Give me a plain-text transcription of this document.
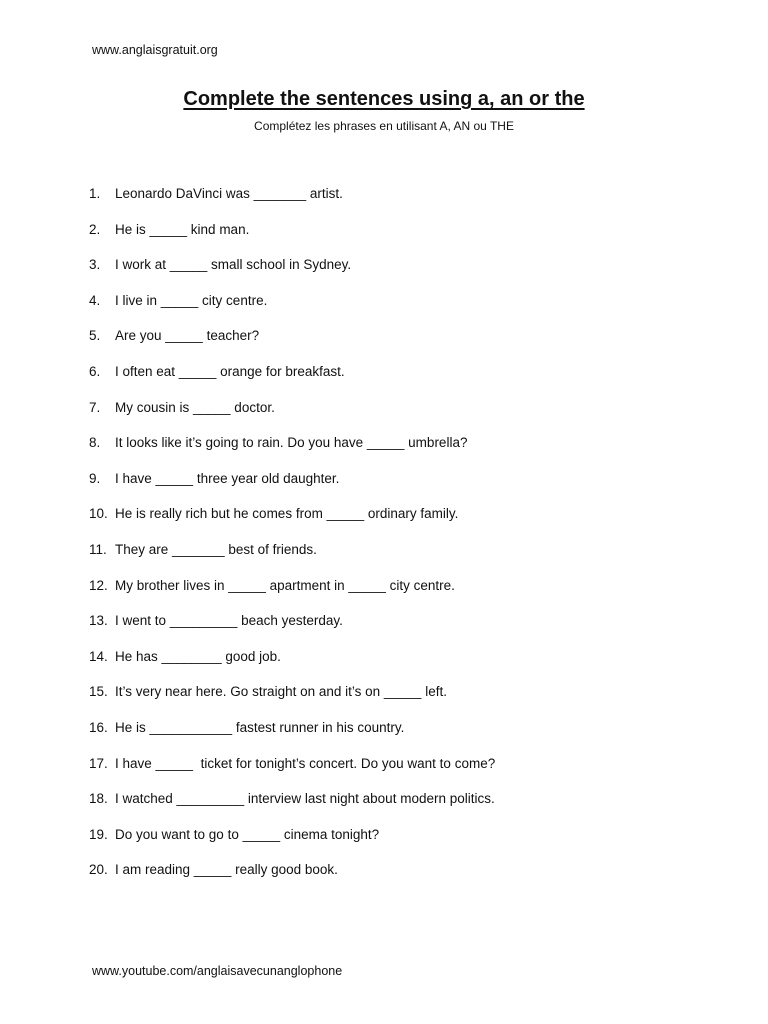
www.anglaisgratuit.org
Complete the sentences using a, an or the
Complétez les phrases en utilisant A, AN ou THE
1. Leonardo DaVinci was _______ artist.
2. He is _____ kind man.
3. I work at _____ small school in Sydney.
4. I live in _____ city centre.
5. Are you _____ teacher?
6. I often eat _____ orange for breakfast.
7. My cousin is _____ doctor.
8. It looks like it’s going to rain. Do you have _____ umbrella?
9. I have _____ three year old daughter.
10. He is really rich but he comes from _____ ordinary family.
11. They are _______ best of friends.
12. My brother lives in _____ apartment in _____ city centre.
13. I went to _________ beach yesterday.
14. He has ________ good job.
15. It’s very near here. Go straight on and it’s on _____ left.
16. He is ___________ fastest runner in his country.
17. I have _____  ticket for tonight’s concert. Do you want to come?
18. I watched _________ interview last night about modern politics.
19. Do you want to go to _____ cinema tonight?
20. I am reading _____ really good book.
www.youtube.com/anglaisavecunanglophone
